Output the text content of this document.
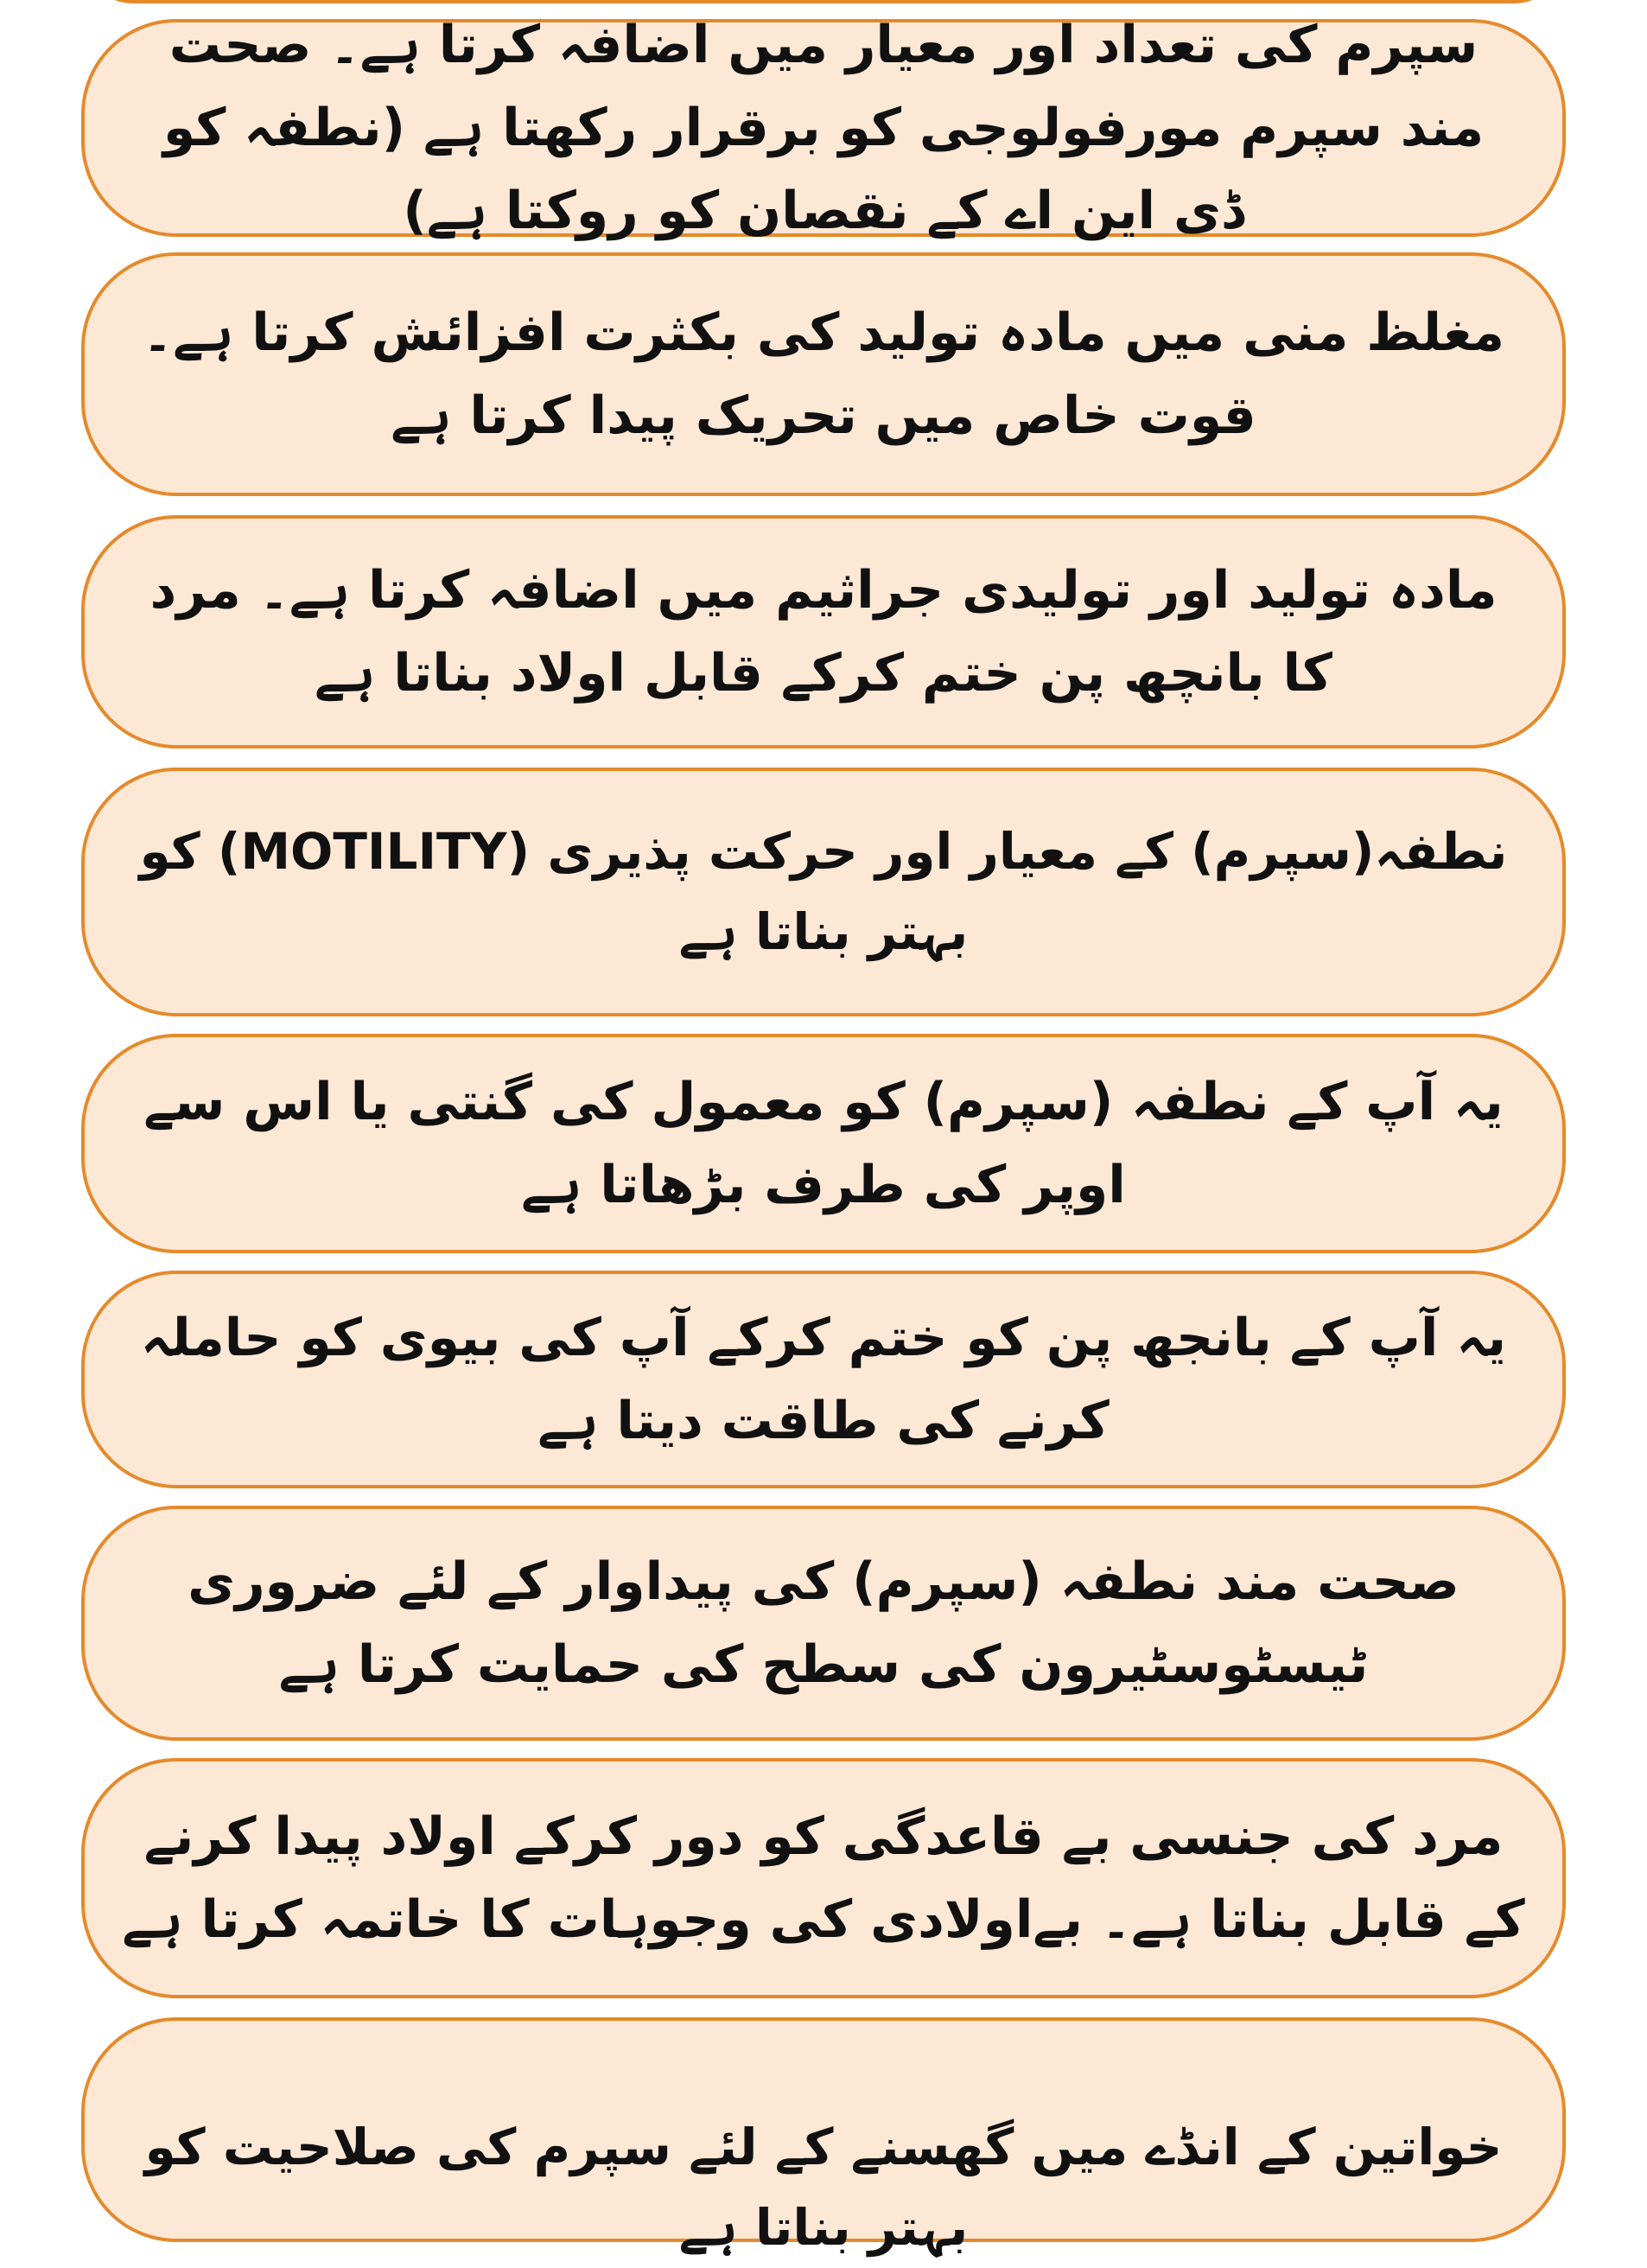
سپرم کی تعداد اور معیار میں اضافہ کرتا ہے۔ صحت مند سپرم مورفولوجی کو برقرار رکھتا ہے (نطفہ کو ڈی این اے کے نقصان کو روکتا ہے)
مغلظ منی میں مادہ تولید کی بکثرت افزائش کرتا ہے۔ قوت خاص میں تحریک پیدا کرتا ہے
مادہ تولید اور تولیدی جراثیم میں اضافہ کرتا ہے۔ مرد کا بانچھ پن ختم کرکے قابل اولاد بناتا ہے
نطفہ(سپرم) کے معیار اور حرکت پذیری (MOTILITY) کو بہتر بناتا ہے
یہ آپ کے نطفہ (سپرم) کو معمول کی گنتی یا اس سے اوپر کی طرف بڑھاتا ہے
یہ آپ کے بانجھ پن کو ختم کرکے آپ کی بیوی کو حاملہ کرنے کی طاقت دیتا ہے
صحت مند نطفہ (سپرم) کی پیداوار کے لئے ضروری ٹیسٹوسٹیرون کی سطح کی حمایت کرتا ہے
مرد کی جنسی بے قاعدگی کو دور کرکے اولاد پیدا کرنے کے قابل بناتا ہے۔ بےاولادی کی وجوہات کا خاتمہ کرتا ہے
خواتین کے انڈے میں گھسنے کے لئے سپرم کی صلاحیت کو بہتر بناتا ہے
